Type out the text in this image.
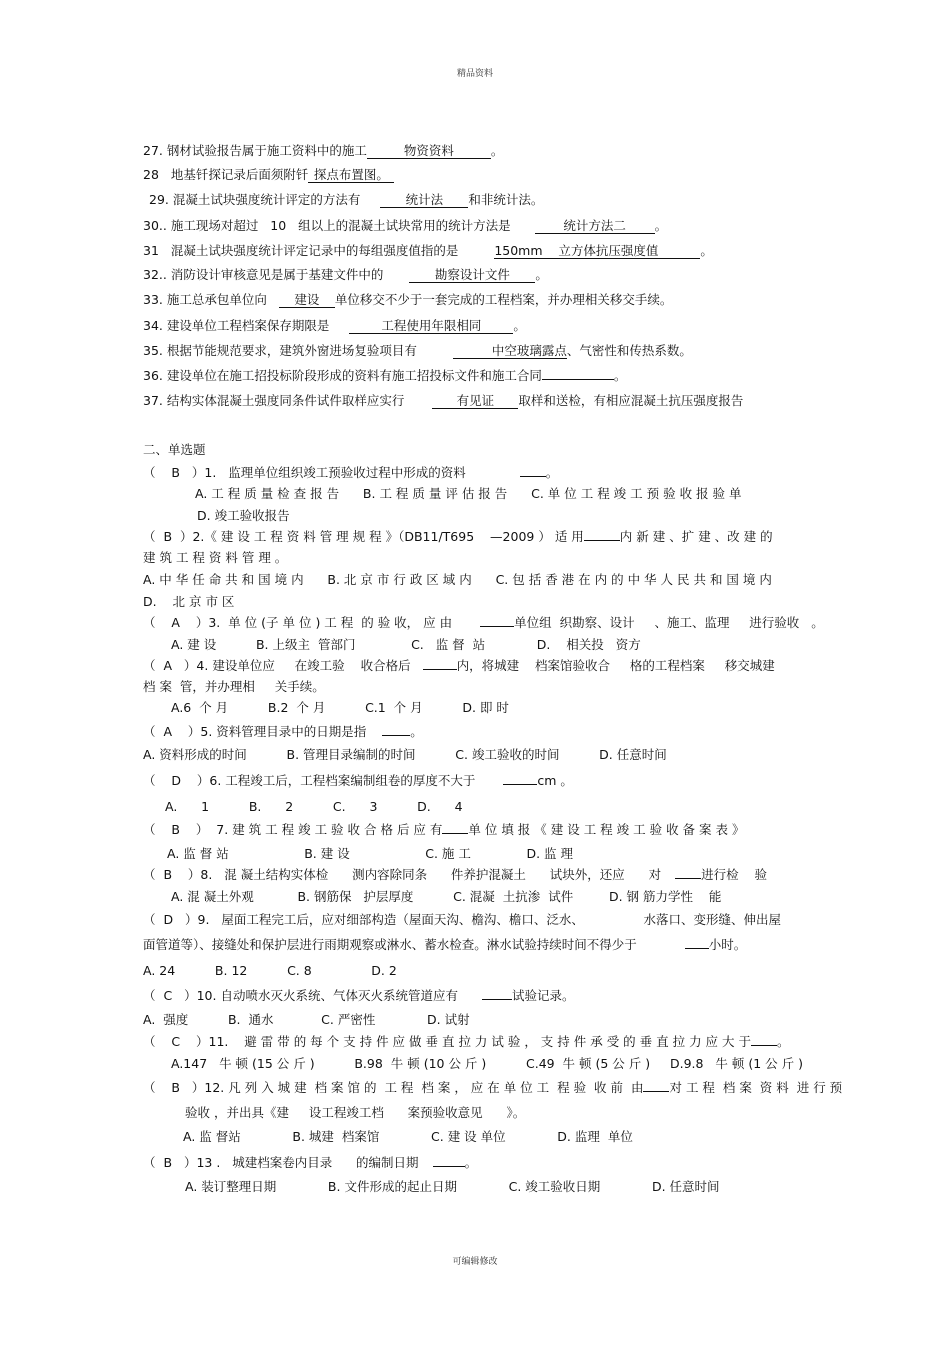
精品资料
27. 钢材试验报告属于施工资料中的施工	物资资料	。
28   地基钎探记录后面须附钎 探点布置图。
29. 混凝土试块强度统计评定的方法有	统计法 和非统计法。
30.. 施工现场对超过   10   组以上的混凝土试块常用的统计方法是	统计方法二 。
31   混凝土试块强度统计评定记录中的每组强度值指的是	150mm    立方体抗压强度值	。
32.. 消防设计审核意见是属于基建文件中的	勘察设计文件 。
33. 施工总承包单位向 建设 单位移交不少于一套完成的工程档案，并办理相关移交手续。
34. 建设单位工程档案保存期限是	工程使用年限相同	。
35. 根据节能规范要求，建筑外窗进场复验项目有	中空玻璃露点、气密性和传热系数。
36. 建设单位在施工招投标阶段形成的资料有施工招投标文件和施工合同	。
37. 结构实体混凝土强度同条件试件取样应实行	有见证 取样和送检，有相应混凝土抗压强度报告
二、单选题
（    B   ）1.   监理单位组织竣工预验收过程中形成的资料	。
A. 工 程 质 量 检 查 报 告      B. 工 程 质 量 评 估 报 告      C. 单 位 工 程 竣 工 预 验 收 报 验 单
D. 竣工验收报告
（  B  ）2.《 建 设 工 程 资 料 管 理 规 程 》（DB11/T695    —2009 ） 适 用	内 新 建 、扩 建 、改 建 的
建 筑 工 程 资 料 管 理 。
A. 中 华 任 命 共 和 国 境 内      B. 北 京 市 行 政 区 域 内      C. 包 括 香 港 在 内 的 中 华 人 民 共 和 国 境 内
D.    北 京 市 区
（    A    ）3.  单 位 (子 单 位 ) 工 程  的 验 收， 应 由	单位组  织勘察、设计     、施工、监理     进行验收   。
A. 建 设          B. 上级主  管部门              C.   监 督  站             D.    相关投   资方
（  A   ）4. 建设单位应     在竣工验    收合格后	内，将城建    档案馆验收合     格的工程档案     移交城建
档 案  管，并办理相     关手续。
A.6  个 月          B.2  个 月          C.1  个 月          D. 即 时
（  A    ）5. 资料管理目录中的日期是指	。
A. 资料形成的时间          B. 管理目录编制的时间          C. 竣工验收的时间          D. 任意时间
（    D    ）6. 工程竣工后，工程档案编制组卷的厚度不大于	cm 。
A.      1          B.      2          C.      3          D.      4
（    B    ）  7. 建 筑 工 程 竣 工 验 收 合 格 后 应 有 单 位 填 报 《 建 设 工 程 竣 工 验 收 备 案 表 》
A. 监 督 站                   B. 建 设                   C. 施 工              D. 监 理
（  B    ）8.   混 凝土结构实体检      测内容除同条      件养护混凝土      试块外，还应      对	进行检    验
A. 混 凝土外观           B. 钢筋保   护层厚度          C. 混凝  土抗渗  试件         D. 钢 筋力学性    能
（  D   ）9.   屋面工程完工后，应对细部构造（屋面天沟、檐沟、檐口、泛水、               水落口、变形缝、伸出屋
面管道等）、接缝处和保护层进行雨期观察或淋水、蓄水检查。淋水试验持续时间不得少于	小时。
A. 24          B. 12          C. 8               D. 2
（  C   ）10. 自动喷水灭火系统、气体灭火系统管道应有	试验记录。
A.  强度          B.  通水            C. 严密性             D. 试射
（    C    ）11.    避 雷 带 的 每 个 支 持 件 应 做 垂 直 拉 力 试 验 ， 支 持 件 承 受 的 垂 直 拉 力 应 大 于 。
A.147   牛 顿 (15 公 斤 )          B.98  牛 顿 (10 公 斤 )          C.49  牛 顿 (5 公 斤 )     D.9.8   牛 顿 (1 公 斤 )
（    B   ）12. 凡 列 入 城 建  档 案 馆 的  工 程  档 案 ， 应 在 单 位 工  程 验  收 前  由 对 工 程  档 案  资 料  进 行 预
验收 ，并出具《建     设工程竣工档      案预验收意见      》。
A. 监 督站             B. 城建  档案馆             C. 建 设 单位             D. 监理  单位
（  B   ）13 .   城建档案卷内目录      的编制日期	。
A. 装订整理日期             B. 文件形成的起止日期             C. 竣工验收日期             D. 任意时间
可编辑修改
